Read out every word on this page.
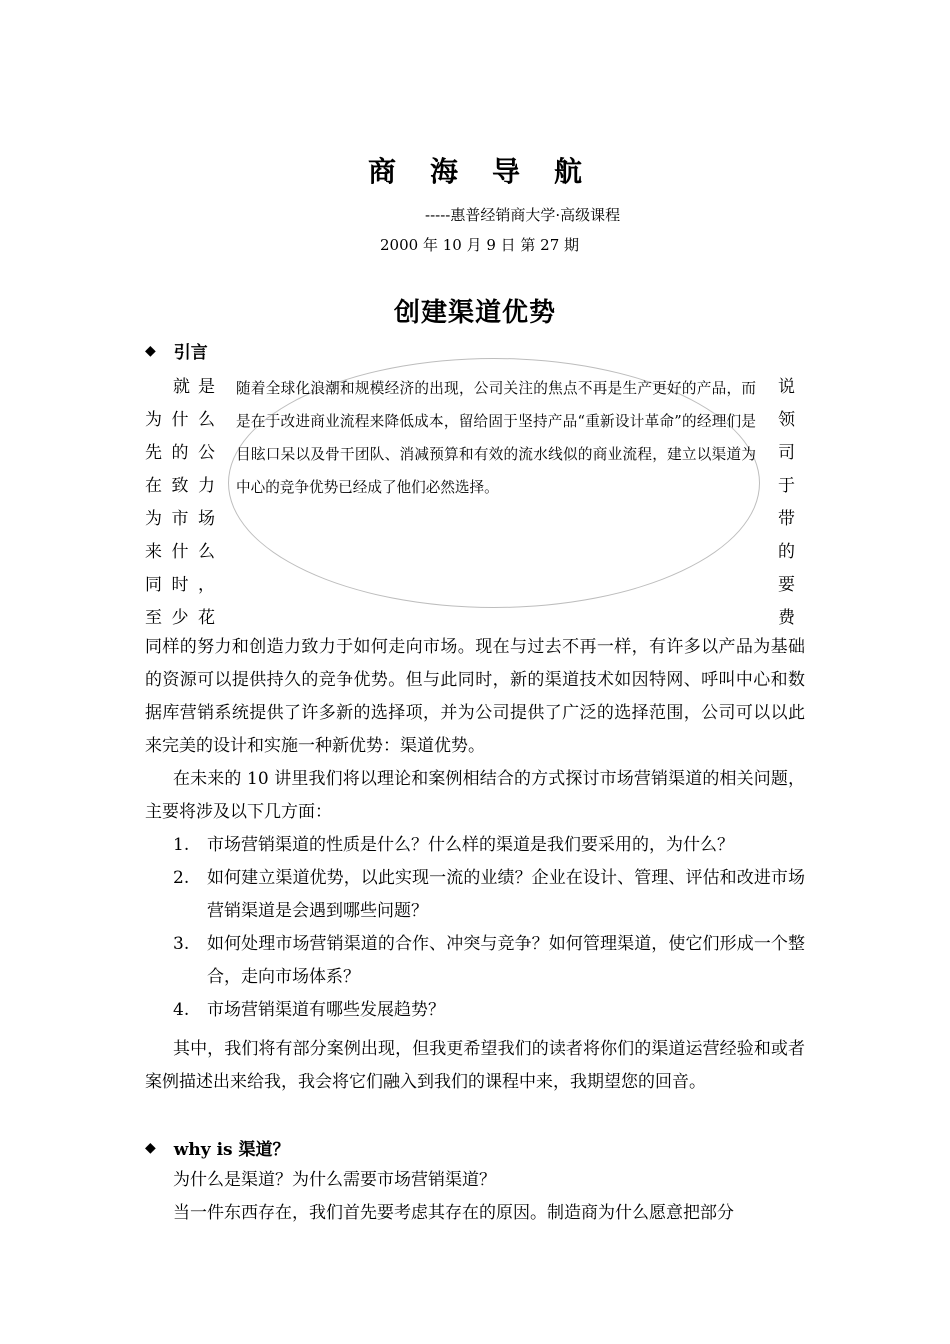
商海导航
-----惠普经销商大学·高级课程
2000 年 10 月 9 日 第 27 期
创建渠道优势
◆ 引言
就 是
为 什 么
先 的 公
在 致 力
为 市 场
来 什 么
同 时 ，
至 少 花
说
领
司
于
带
的
要
费
随着全球化浪潮和规模经济的出现，公司关注的焦点不再是生产更好的产品，而是在于改进商业流程来降低成本，留给固于坚持产品“重新设计革命”的经理们是目眩口呆以及骨干团队、消减预算和有效的流水线似的商业流程，建立以渠道为中心的竞争优势已经成了他们必然选择。
同样的努力和创造力致力于如何走向市场。现在与过去不再一样，有许多以产品为基础的资源可以提供持久的竞争优势。但与此同时，新的渠道技术如因特网、呼叫中心和数据库营销系统提供了许多新的选择项，并为公司提供了广泛的选择范围，公司可以以此来完美的设计和实施一种新优势：渠道优势。
在未来的 10 讲里我们将以理论和案例相结合的方式探讨市场营销渠道的相关问题，主要将涉及以下几方面：
1.	市场营销渠道的性质是什么？什么样的渠道是我们要采用的，为什么？
2.	如何建立渠道优势，以此实现一流的业绩？企业在设计、管理、评估和改进市场营销渠道是会遇到哪些问题？
3.	如何处理市场营销渠道的合作、冲突与竞争？如何管理渠道，使它们形成一个整合，走向市场体系？
4.	市场营销渠道有哪些发展趋势？
其中，我们将有部分案例出现，但我更希望我们的读者将你们的渠道运营经验和或者案例描述出来给我，我会将它们融入到我们的课程中来，我期望您的回音。
◆ why is 渠道？
为什么是渠道？为什么需要市场营销渠道？
当一件东西存在，我们首先要考虑其存在的原因。制造商为什么愿意把部分
